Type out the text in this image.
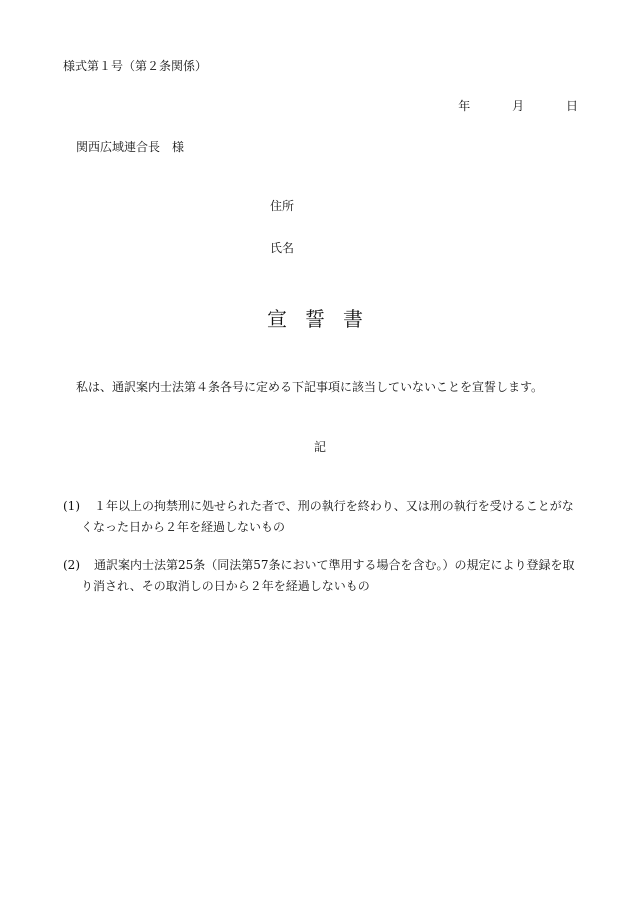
様式第１号（第２条関係）
年	月	日
関西広域連合長　様
住所
氏名
宣 誓 書
私は、通訳案内士法第４条各号に定める下記事項に該当していないことを宣誓します。
記
(1) １年以上の拘禁刑に処せられた者で、刑の執行を終わり、又は刑の執行を受けることがな
くなった日から２年を経過しないもの
(2) 通訳案内士法第25条（同法第57条において準用する場合を含む。）の規定により登録を取
り消され、その取消しの日から２年を経過しないもの
